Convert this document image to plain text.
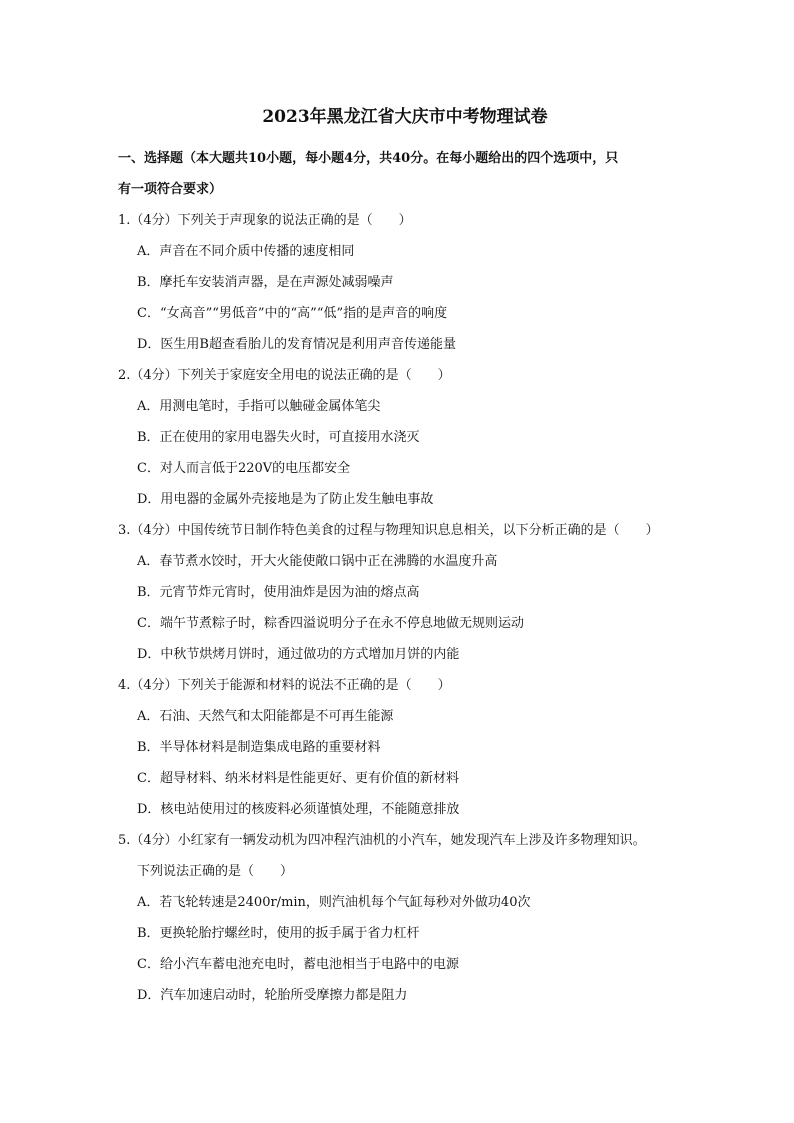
2023年黑龙江省大庆市中考物理试卷
一、选择题（本大题共10小题，每小题4分，共40分。在每小题给出的四个选项中，只
有一项符合要求）
1.（4分）下列关于声现象的说法正确的是（　　）
A．声音在不同介质中传播的速度相同
B．摩托车安装消声器，是在声源处减弱噪声
C．“女高音”“男低音”中的“高”“低”指的是声音的响度
D．医生用B超查看胎儿的发育情况是利用声音传递能量
2.（4分）下列关于家庭安全用电的说法正确的是（　　）
A．用测电笔时，手指可以触碰金属体笔尖
B．正在使用的家用电器失火时，可直接用水浇灭
C．对人而言低于220V的电压都安全
D．用电器的金属外壳接地是为了防止发生触电事故
3.（4分）中国传统节日制作特色美食的过程与物理知识息息相关，以下分析正确的是（　　）
A．春节煮水饺时，开大火能使敞口锅中正在沸腾的水温度升高
B．元宵节炸元宵时，使用油炸是因为油的熔点高
C．端午节煮粽子时，粽香四溢说明分子在永不停息地做无规则运动
D．中秋节烘烤月饼时，通过做功的方式增加月饼的内能
4.（4分）下列关于能源和材料的说法不正确的是（　　）
A．石油、天然气和太阳能都是不可再生能源
B．半导体材料是制造集成电路的重要材料
C．超导材料、纳米材料是性能更好、更有价值的新材料
D．核电站使用过的核废料必须谨慎处理，不能随意排放
5.（4分）小红家有一辆发动机为四冲程汽油机的小汽车，她发现汽车上涉及许多物理知识。
下列说法正确的是（　　）
A．若飞轮转速是2400r/min，则汽油机每个气缸每秒对外做功40次
B．更换轮胎拧螺丝时，使用的扳手属于省力杠杆
C．给小汽车蓄电池充电时，蓄电池相当于电路中的电源
D．汽车加速启动时，轮胎所受摩擦力都是阻力
